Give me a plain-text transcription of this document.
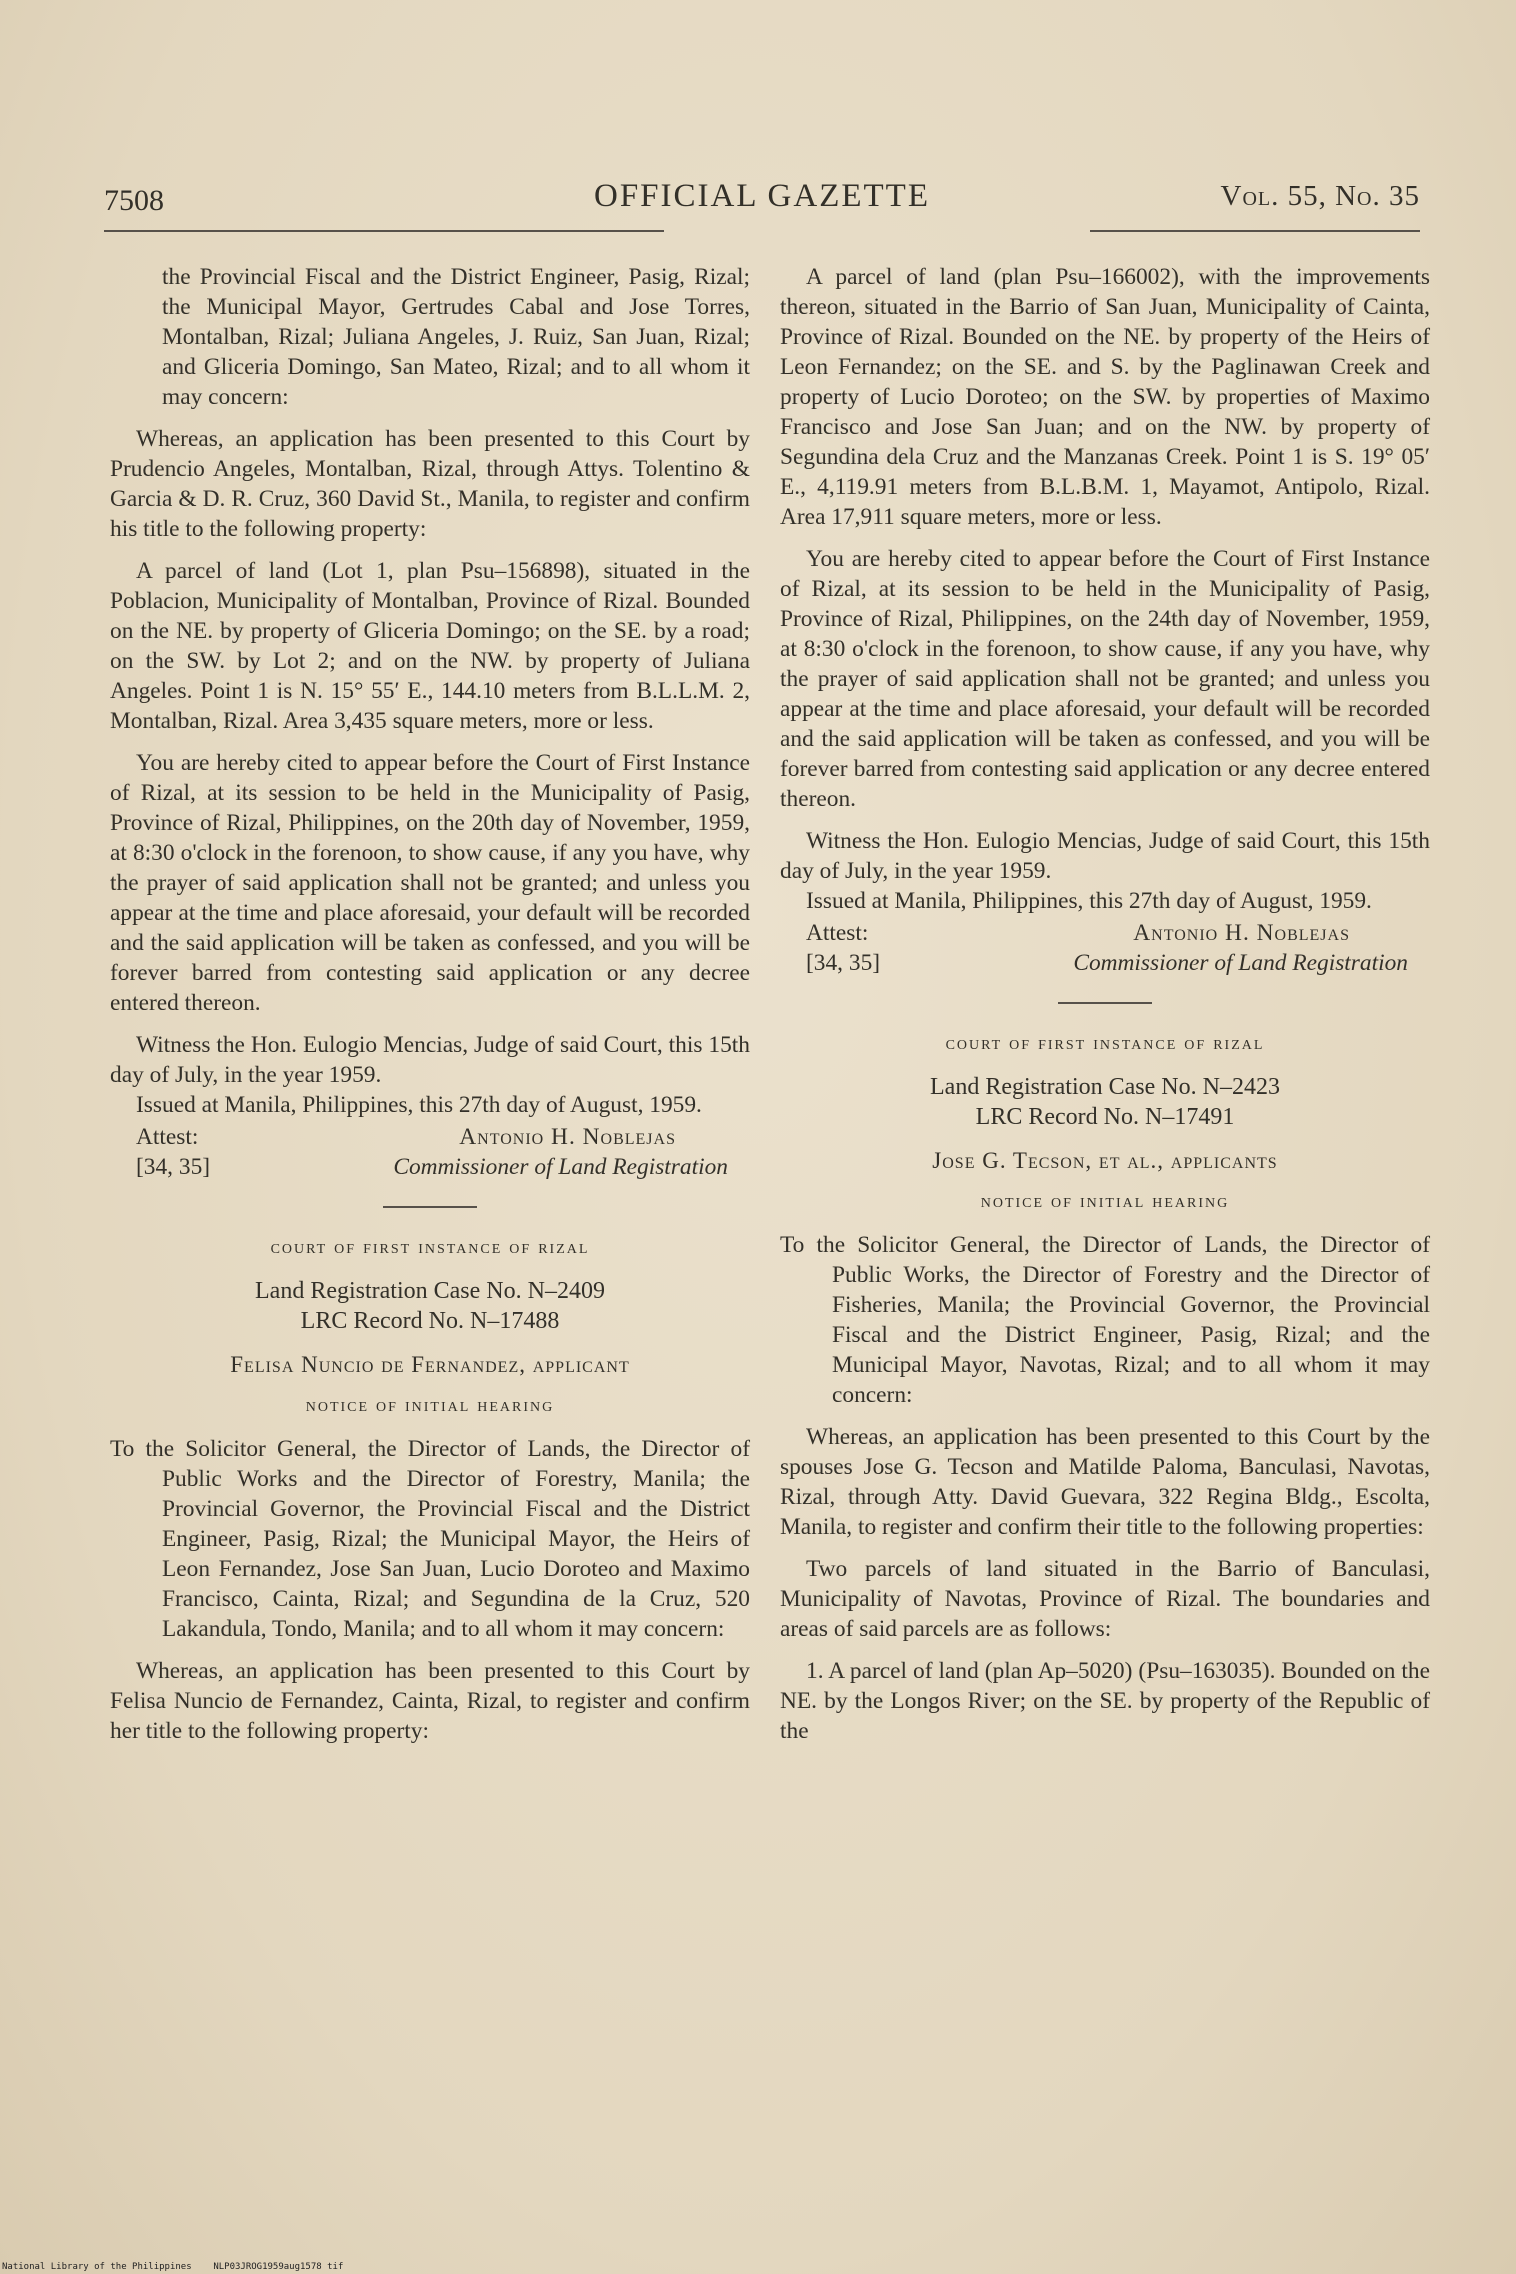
7508	OFFICIAL GAZETTE	Vol. 55, No. 35

the Provincial Fiscal and the District Engineer, Pasig, Rizal; the Municipal Mayor, Gertrudes Cabal and Jose Torres, Montalban, Rizal; Juliana Angeles, J. Ruiz, San Juan, Rizal; and Gliceria Domingo, San Mateo, Rizal; and to all whom it may concern:

Whereas, an application has been presented to this Court by Prudencio Angeles, Montalban, Rizal, through Attys. Tolentino & Garcia & D. R. Cruz, 360 David St., Manila, to register and confirm his title to the following property:

A parcel of land (Lot 1, plan Psu–156898), situated in the Poblacion, Municipality of Montalban, Province of Rizal. Bounded on the NE. by property of Gliceria Domingo; on the SE. by a road; on the SW. by Lot 2; and on the NW. by property of Juliana Angeles. Point 1 is N. 15° 55′ E., 144.10 meters from B.L.L.M. 2, Montalban, Rizal. Area 3,435 square meters, more or less.

You are hereby cited to appear before the Court of First Instance of Rizal, at its session to be held in the Municipality of Pasig, Province of Rizal, Philippines, on the 20th day of November, 1959, at 8:30 o'clock in the forenoon, to show cause, if any you have, why the prayer of said application shall not be granted; and unless you appear at the time and place aforesaid, your default will be recorded and the said application will be taken as confessed, and you will be forever barred from contesting said application or any decree entered thereon.

Witness the Hon. Eulogio Mencias, Judge of said Court, this 15th day of July, in the year 1959.

Issued at Manila, Philippines, this 27th day of August, 1959.

Attest:	Antonio H. Noblejas
[34, 35]	Commissioner of Land Registration
court of first instance of rizal
Land Registration Case No. N–2409
LRC Record No. N–17488
Felisa Nuncio de Fernandez, applicant
notice of initial hearing

To the Solicitor General, the Director of Lands, the Director of Public Works and the Director of Forestry, Manila; the Provincial Governor, the Provincial Fiscal and the District Engineer, Pasig, Rizal; the Municipal Mayor, the Heirs of Leon Fernandez, Jose San Juan, Lucio Doroteo and Maximo Francisco, Cainta, Rizal; and Segundina de la Cruz, 520 Lakandula, Tondo, Manila; and to all whom it may concern:

Whereas, an application has been presented to this Court by Felisa Nuncio de Fernandez, Cainta, Rizal, to register and confirm her title to the following property:

A parcel of land (plan Psu–166002), with the improvements thereon, situated in the Barrio of San Juan, Municipality of Cainta, Province of Rizal. Bounded on the NE. by property of the Heirs of Leon Fernandez; on the SE. and S. by the Paglinawan Creek and property of Lucio Doroteo; on the SW. by properties of Maximo Francisco and Jose San Juan; and on the NW. by property of Segundina dela Cruz and the Manzanas Creek. Point 1 is S. 19° 05′ E., 4,119.91 meters from B.L.B.M. 1, Mayamot, Antipolo, Rizal. Area 17,911 square meters, more or less.

You are hereby cited to appear before the Court of First Instance of Rizal, at its session to be held in the Municipality of Pasig, Province of Rizal, Philippines, on the 24th day of November, 1959, at 8:30 o'clock in the forenoon, to show cause, if any you have, why the prayer of said application shall not be granted; and unless you appear at the time and place aforesaid, your default will be recorded and the said application will be taken as confessed, and you will be forever barred from contesting said application or any decree entered thereon.

Witness the Hon. Eulogio Mencias, Judge of said Court, this 15th day of July, in the year 1959.

Issued at Manila, Philippines, this 27th day of August, 1959.

Attest:	Antonio H. Noblejas
[34, 35]	Commissioner of Land Registration
court of first instance of rizal
Land Registration Case No. N–2423
LRC Record No. N–17491
Jose G. Tecson, et al., applicants
notice of initial hearing

To the Solicitor General, the Director of Lands, the Director of Public Works, the Director of Forestry and the Director of Fisheries, Manila; the Provincial Governor, the Provincial Fiscal and the District Engineer, Pasig, Rizal; and the Municipal Mayor, Navotas, Rizal; and to all whom it may concern:

Whereas, an application has been presented to this Court by the spouses Jose G. Tecson and Matilde Paloma, Banculasi, Navotas, Rizal, through Atty. David Guevara, 322 Regina Bldg., Escolta, Manila, to register and confirm their title to the following properties:

Two parcels of land situated in the Barrio of Banculasi, Municipality of Navotas, Province of Rizal. The boundaries and areas of said parcels are as follows:

1. A parcel of land (plan Ap–5020) (Psu–163035). Bounded on the NE. by the Longos River; on the SE. by property of the Republic of the

National Library of the Philippines    NLP03JROG1959aug1578 tif
